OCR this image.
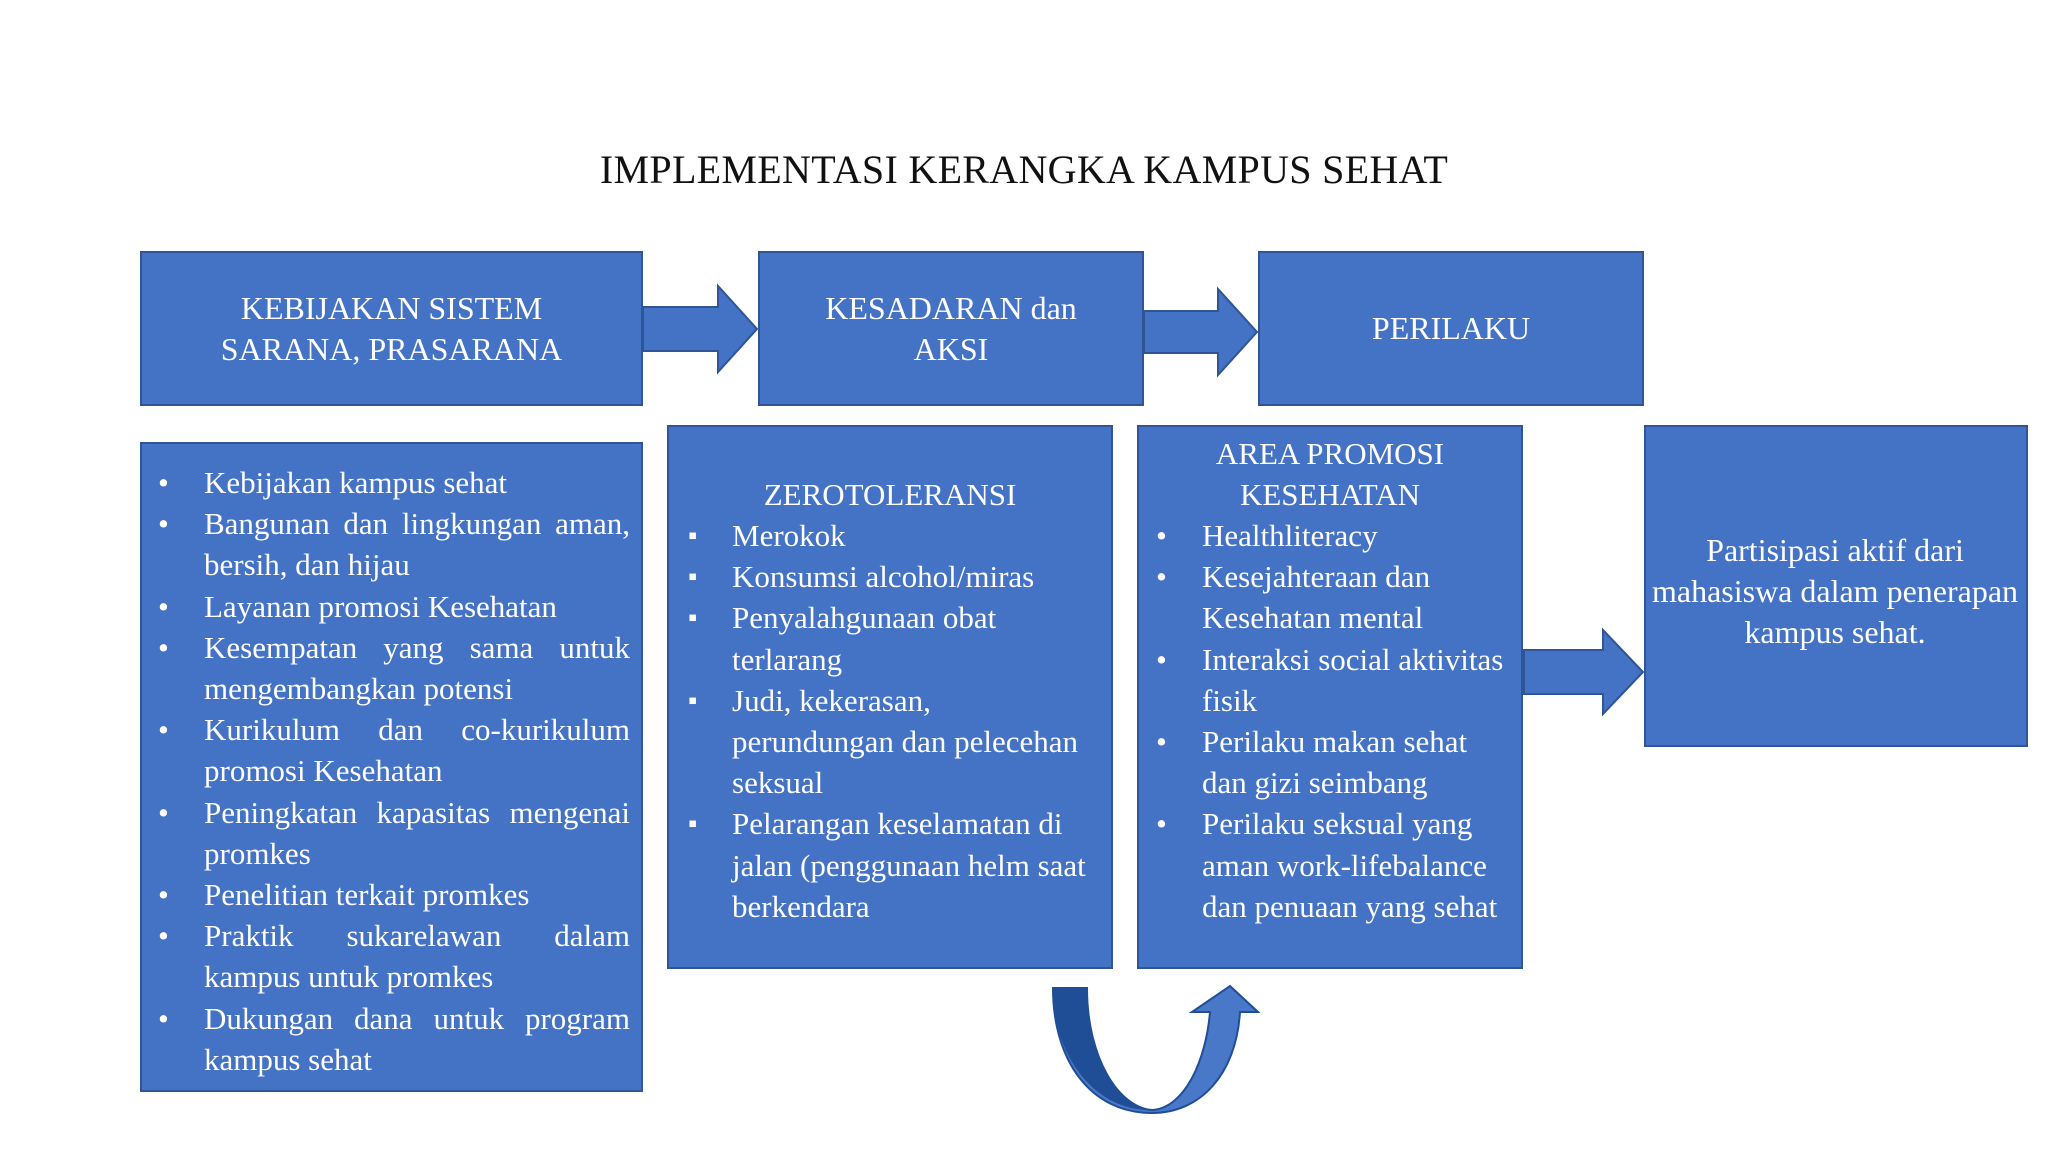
IMPLEMENTASI KERANGKA KAMPUS SEHAT
KEBIJAKAN SISTEM
SARANA, PRASARANA
KESADARAN dan
AKSI
PERILAKU
• Kebijakan kampus sehat
• Bangunan dan lingkungan aman, bersih, dan hijau
• Layanan promosi Kesehatan
• Kesempatan yang sama untuk mengembangkan potensi
• Kurikulum dan co-kurikulum promosi Kesehatan
• Peningkatan kapasitas mengenai promkes
• Penelitian terkait promkes
• Praktik sukarelawan dalam kampus untuk promkes
• Dukungan dana untuk program kampus sehat
ZEROTOLERANSI
▪ Merokok
▪ Konsumsi alcohol/miras
▪ Penyalahgunaan obat terlarang
▪ Judi, kekerasan, perundungan dan pelecehan seksual
▪ Pelarangan keselamatan di jalan (penggunaan helm saat berkendara
AREA PROMOSI
KESEHATAN
• Healthliteracy
• Kesejahteraan dan Kesehatan mental
• Interaksi social aktivitas fisik
• Perilaku makan sehat dan gizi seimbang
• Perilaku seksual yang aman work-lifebalance dan penuaan yang sehat
Partisipasi aktif dari mahasiswa dalam penerapan kampus sehat.
